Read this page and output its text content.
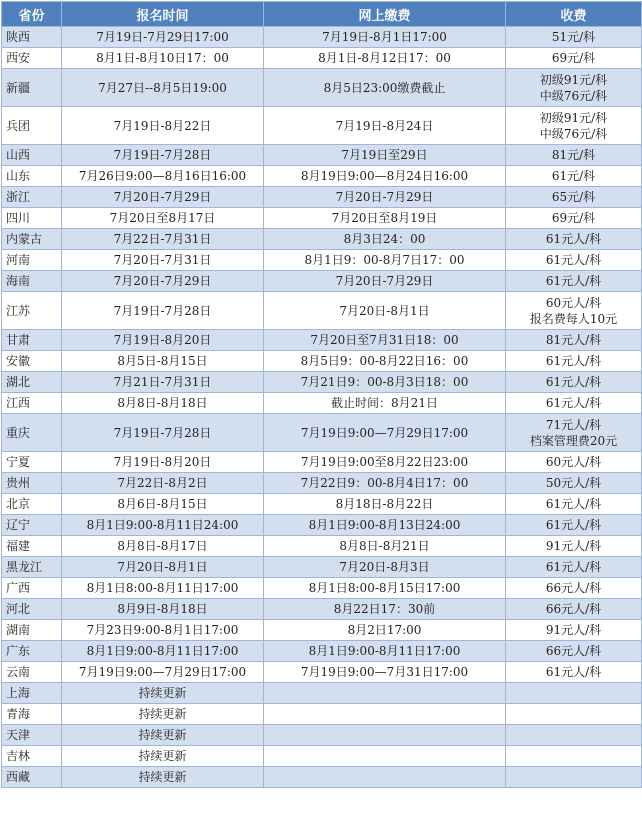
省份	报名时间	网上缴费	收费
陕西	7月19日-7月29日17:00	7月19日-8月1日17:00	51元/科

西安	8月1日-8月10日17：00	8月1日-8月12日17：00	69元/科

新疆	7月27日--8月5日19:00	8月5日23:00缴费截止	初级91元/科
中级76元/科

兵团	7月19日-8月22日	7月19日-8月24日	初级91元/科
中级76元/科

山西	7月19日-7月28日	7月19日至29日	81元/科

山东	7月26日9:00—8月16日16:00	8月19日9:00—8月24日16:00	61元/科

浙江	7月20日-7月29日	7月20日-7月29日	65元/科

四川	7月20日至8月17日	7月20日至8月19日	69元/科

内蒙古	7月22日-7月31日	8月3日24：00	61元人/科

河南	7月20日-7月31日	8月1日9：00-8月7日17：00	61元人/科

海南	7月20日-7月29日	7月20日-7月29日	61元人/科

江苏	7月19日-7月28日	7月20日-8月1日	60元人/科
报名费每人10元

甘肃	7月19日-8月20日	7月20日至7月31日18：00	81元人/科

安徽	8月5日-8月15日	8月5日9：00-8月22日16：00	61元人/科

湖北	7月21日-7月31日	7月21日9：00-8月3日18：00	61元人/科

江西	8月8日-8月18日	截止时间：8月21日	61元人/科

重庆	7月19日-7月28日	7月19日9:00—7月29日17:00	71元人/科
档案管理费20元

宁夏	7月19日-8月20日	7月19日9:00至8月22日23:00	60元人/科

贵州	7月22日-8月2日	7月22日9：00-8月4日17：00	50元人/科

北京	8月6日-8月15日	8月18日-8月22日	61元人/科

辽宁	8月1日9:00-8月11日24:00	8月1日9:00-8月13日24:00	61元人/科

福建	8月8日-8月17日	8月8日-8月21日	91元人/科

黑龙江	7月20日-8月1日	7月20日-8月3日	61元人/科

广西	8月1日8:00-8月11日17:00	8月1日8:00-8月15日17:00	66元人/科

河北	8月9日-8月18日	8月22日17：30前	66元人/科

湖南	7月23日9:00-8月1日17:00	8月2日17:00	91元人/科

广东	8月1日9:00-8月11日17:00	8月1日9:00-8月11日17:00	66元人/科

云南	7月19日9:00—7月29日17:00	7月19日9:00—7月31日17:00	61元人/科

上海	持续更新		
青海	持续更新		
天津	持续更新		
吉林	持续更新		
西藏	持续更新		
